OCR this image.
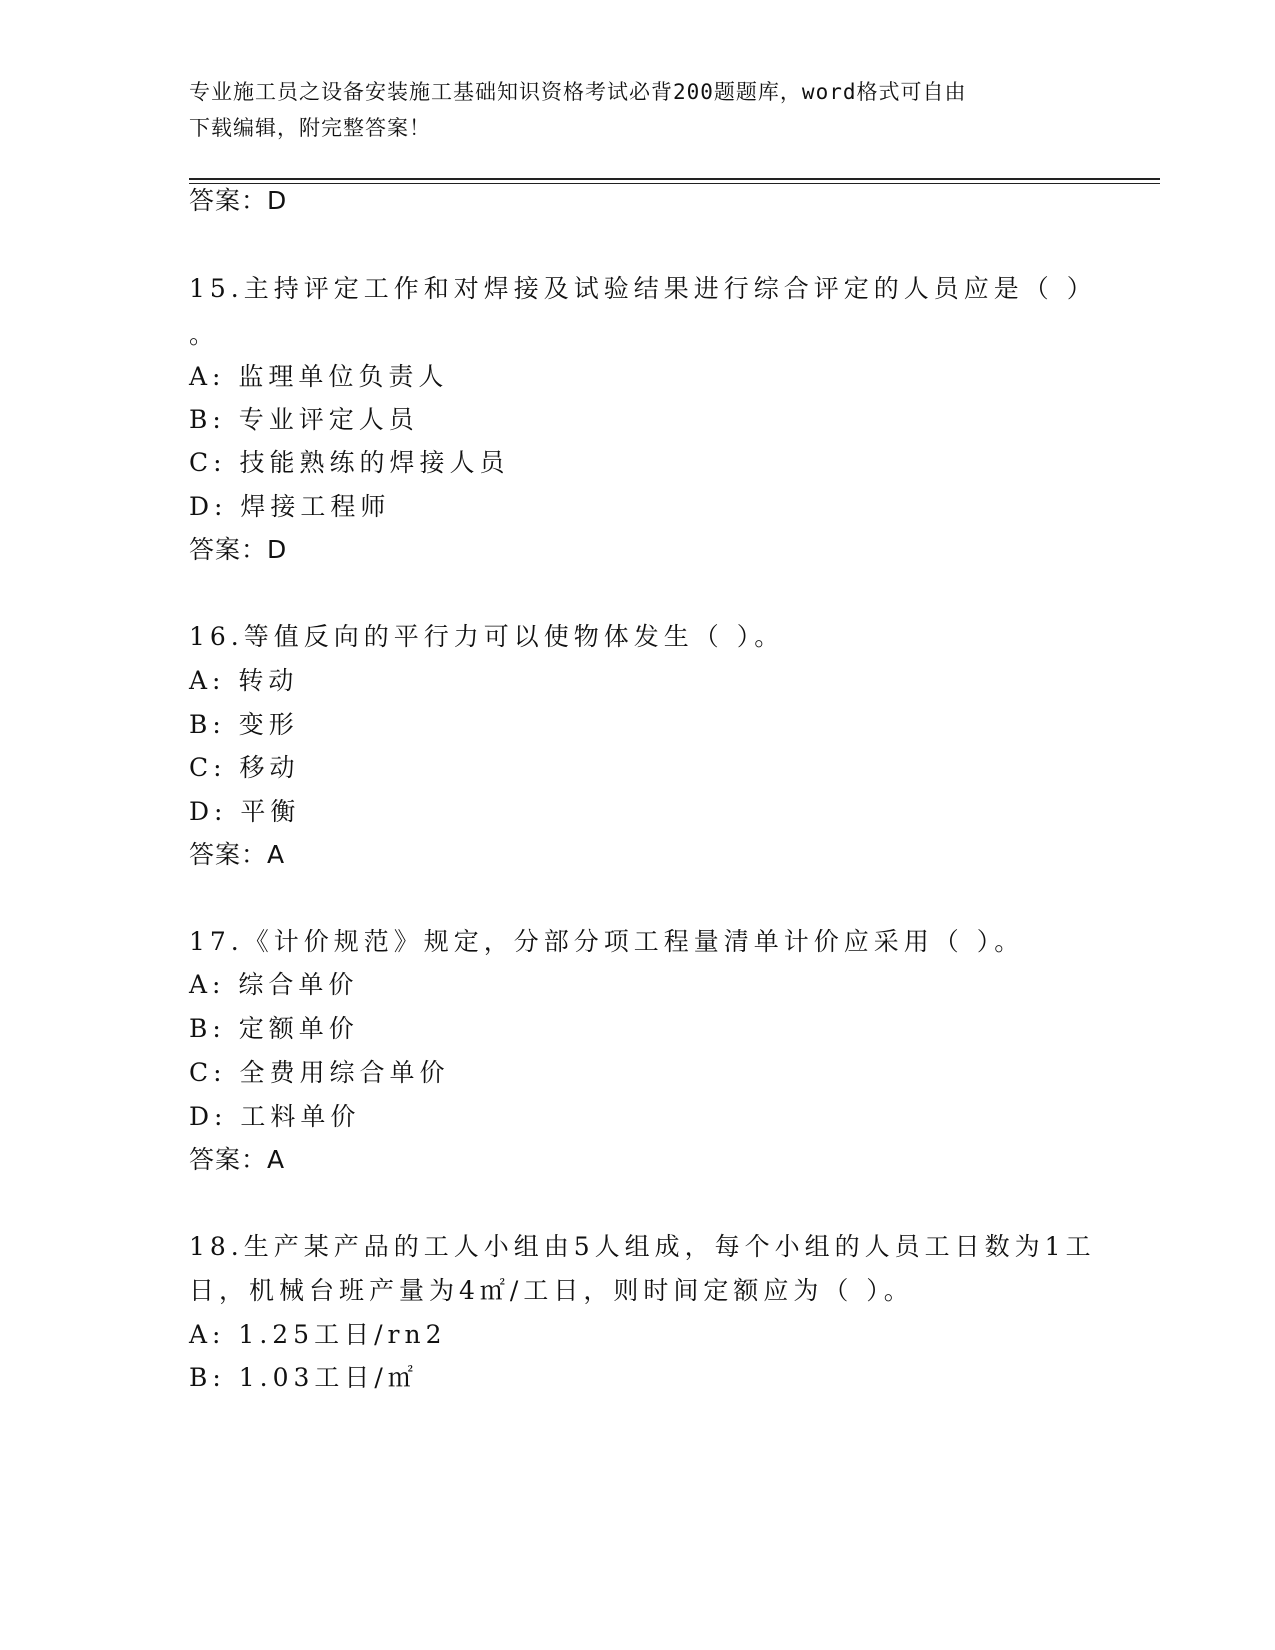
专业施工员之设备安装施工基础知识资格考试必背200题题库，word格式可自由
下载编辑，附完整答案！
答案：D
15.主持评定工作和对焊接及试验结果进行综合评定的人员应是（ ）
。
A: 监理单位负责人
B: 专业评定人员
C: 技能熟练的焊接人员
D: 焊接工程师
答案：D
16.等值反向的平行力可以使物体发生（ ）。
A: 转动
B: 变形
C: 移动
D: 平衡
答案：A
17.《计价规范》规定，分部分项工程量清单计价应采用（ ）。
A: 综合单价
B: 定额单价
C: 全费用综合单价
D: 工料单价
答案：A
18.生产某产品的工人小组由5人组成，每个小组的人员工日数为1工
日，机械台班产量为4㎡/工日，则时间定额应为（ ）。
A: 1.25工日/rn2
B: 1.03工日/㎡
